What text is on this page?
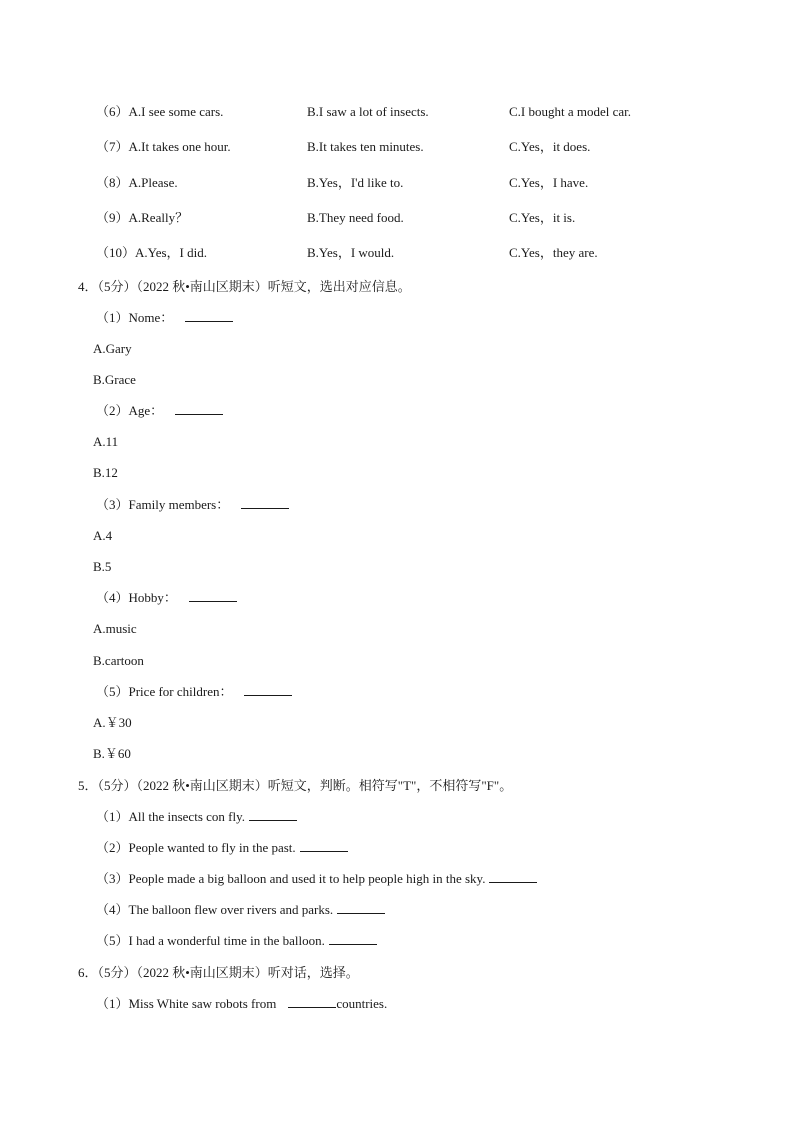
（6）A.I see some cars.	B.I saw a lot of insects.	C.I bought a model car.
（7）A.It takes one hour.	B.It takes ten minutes.	C.Yes，it does.
（8）A.Please.	B.Yes，I'd like to.	C.Yes，I have.
（9）A.Really？	B.They need food.	C.Yes，it is.
（10）A.Yes，I did.	B.Yes，I would.	C.Yes，they are.
4．（5分）（2022 秋•南山区期末）听短文，选出对应信息。
（1）Nome：
A.Gary
B.Grace
（2）Age：
A.11
B.12
（3）Family members：
A.4
B.5
（4）Hobby：
A.music
B.cartoon
（5）Price for children：
A.￥30
B.￥60
5．（5分）（2022 秋•南山区期末）听短文，判断。相符写"T"，不相符写"F"。
（1）All the insects con fly.
（2）People wanted to fly in the past.
（3）People made a big balloon and used it to help people high in the sky.
（4）The balloon flew over rivers and parks.
（5）I had a wonderful time in the balloon.
6．（5分）（2022 秋•南山区期末）听对话，选择。
（1）Miss White saw robots from	countries.
